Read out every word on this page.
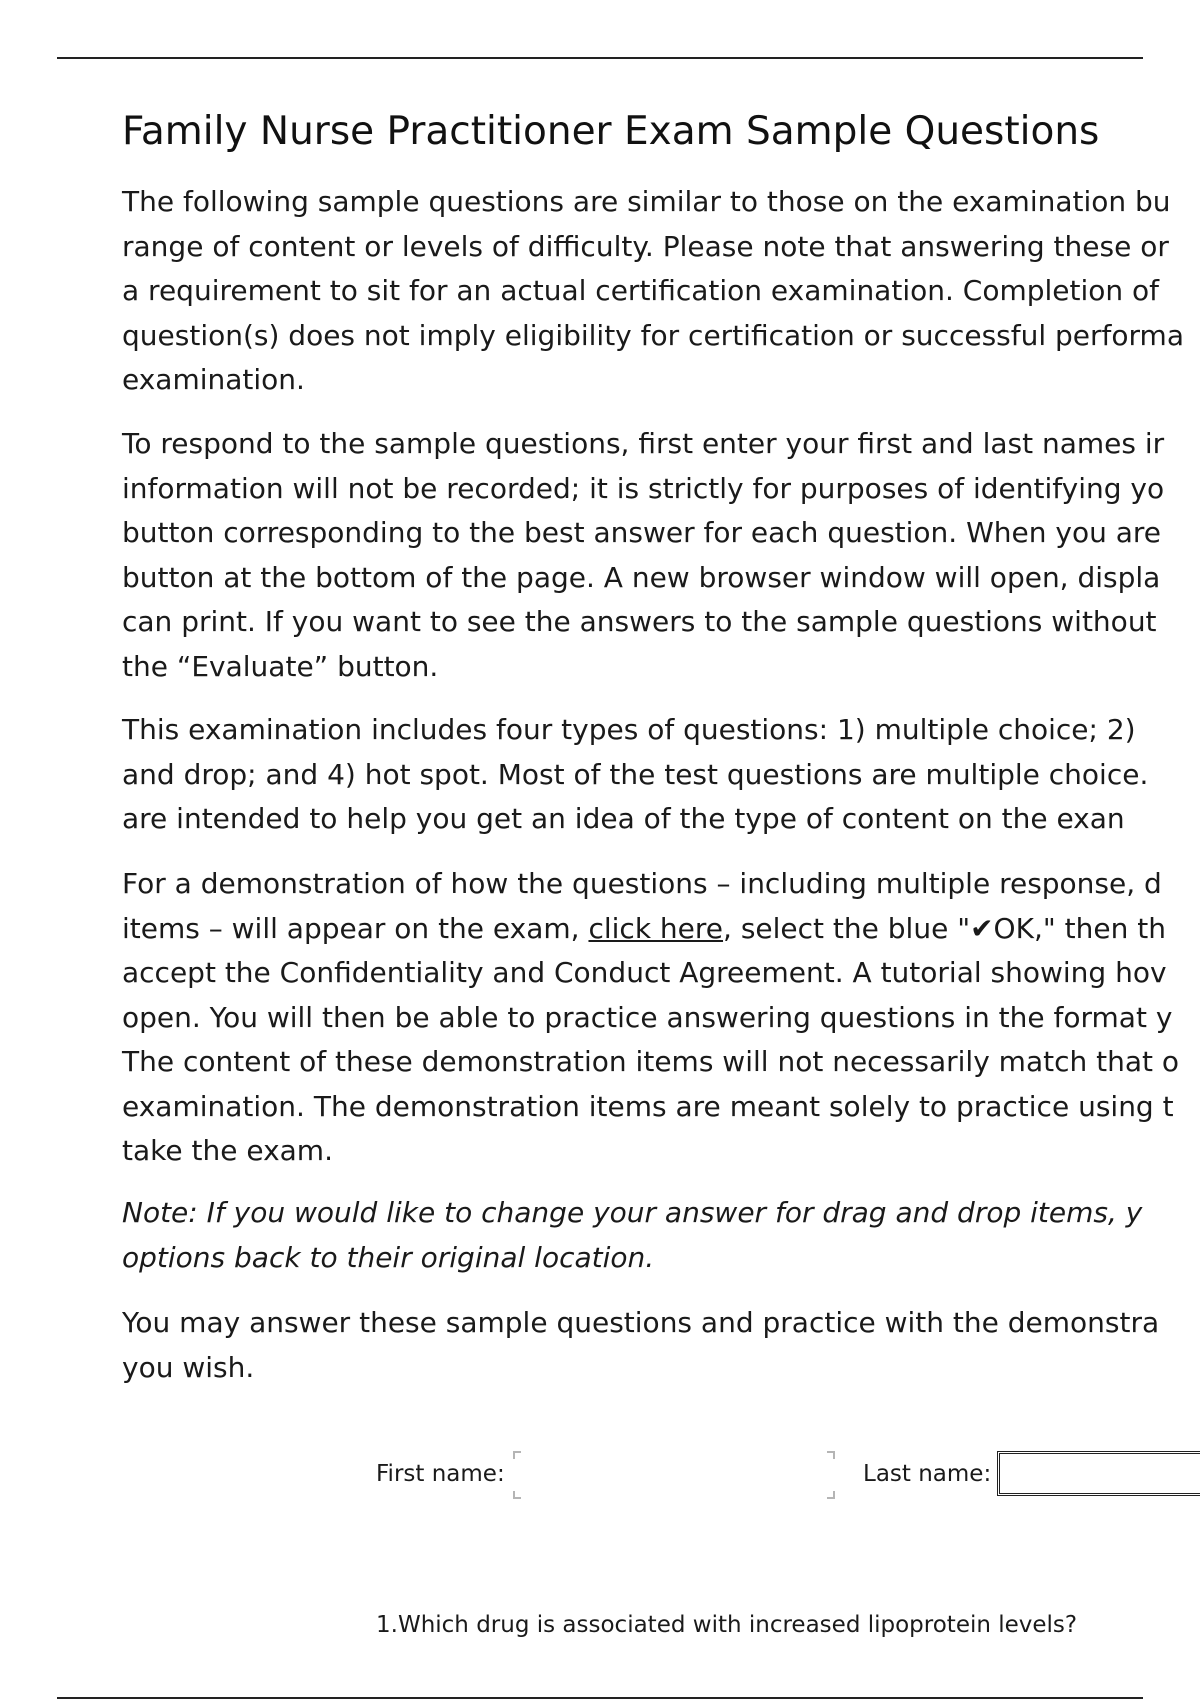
Family Nurse Practitioner Exam Sample Questions

The following sample questions are similar to those on the examination bu
range of content or levels of difficulty. Please note that answering these or
a requirement to sit for an actual certification examination. Completion of
question(s) does not imply eligibility for certification or successful performa
examination.

To respond to the sample questions, first enter your first and last names ir
information will not be recorded; it is strictly for purposes of identifying yo
button corresponding to the best answer for each question. When you are
button at the bottom of the page. A new browser window will open, displa
can print. If you want to see the answers to the sample questions without
the “Evaluate” button.

This examination includes four types of questions: 1) multiple choice; 2)
and drop; and 4) hot spot. Most of the test questions are multiple choice.
are intended to help you get an idea of the type of content on the exan

For a demonstration of how the questions – including multiple response, d
items – will appear on the exam, click here, select the blue "✔OK," then th
accept the Confidentiality and Conduct Agreement. A tutorial showing hov
open. You will then be able to practice answering questions in the format y
The content of these demonstration items will not necessarily match that o
examination. The demonstration items are meant solely to practice using t
take the exam.

Note: If you would like to change your answer for drag and drop items, y
options back to their original location.

You may answer these sample questions and practice with the demonstra
you wish.

First name:	Last name:
1.Which drug is associated with increased lipoprotein levels?
